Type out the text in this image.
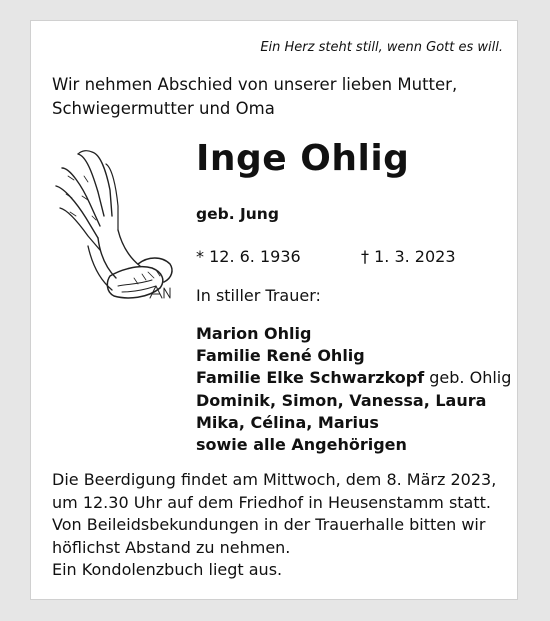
Ein Herz steht still, wenn Gott es will.
Wir nehmen Abschied von unserer lieben Mutter,
Schwiegermutter und Oma
Inge Ohlig
geb. Jung
* 12. 6. 1936	† 1. 3. 2023
In stiller Trauer:
Marion Ohlig
Familie René Ohlig
Familie Elke Schwarzkopf geb. Ohlig
Dominik, Simon, Vanessa, Laura
Mika, Célina, Marius
sowie alle Angehörigen
Die Beerdigung findet am Mittwoch, dem 8. März 2023,
um 12.30 Uhr auf dem Friedhof in Heusenstamm statt.
Von Beileidsbekundungen in der Trauerhalle bitten wir
höflichst Abstand zu nehmen.
Ein Kondolenzbuch liegt aus.
